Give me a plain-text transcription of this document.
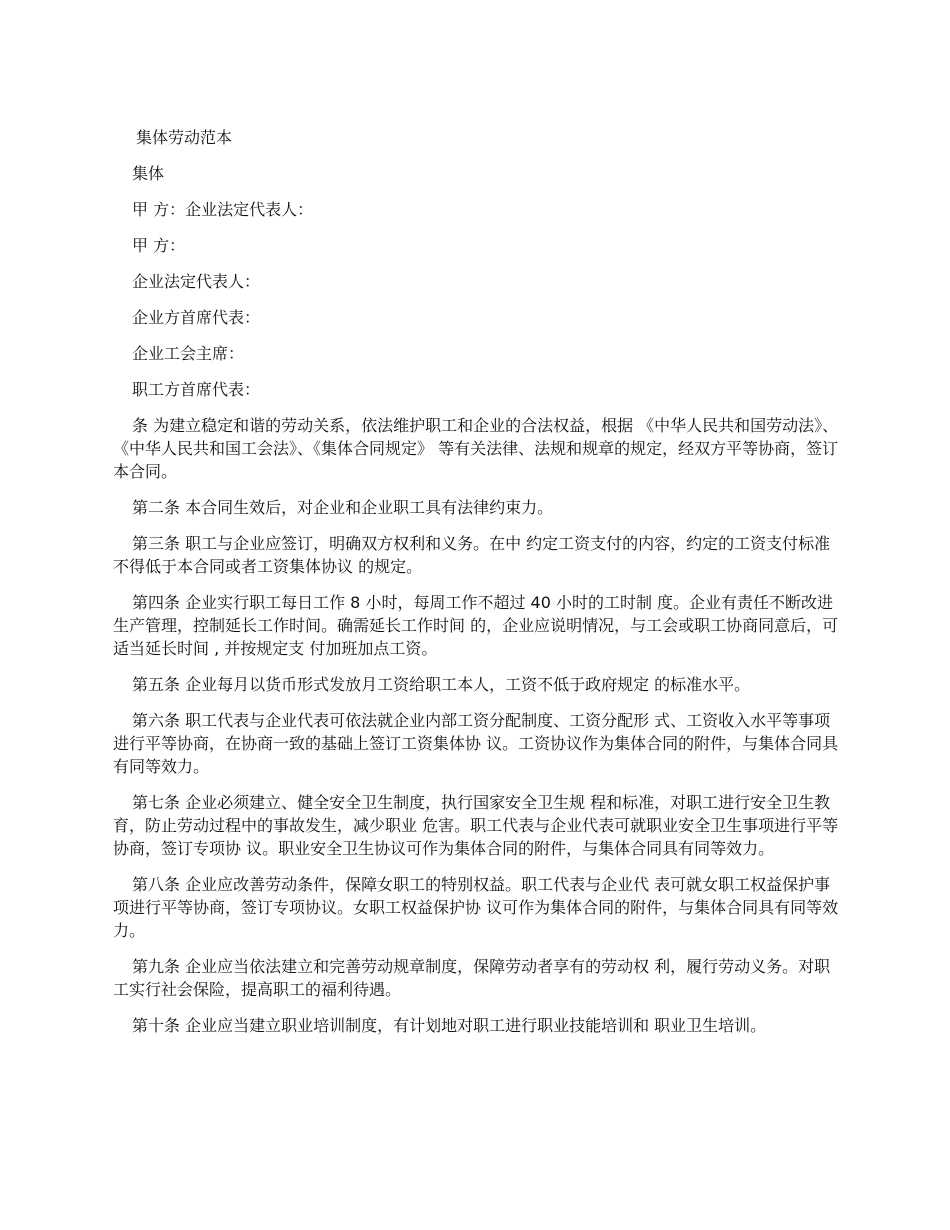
集体劳动范本

集体

甲 方：企业法定代表人：

甲 方：

企业法定代表人：

企业方首席代表：

企业工会主席：

职工方首席代表：

条 为建立稳定和谐的劳动关系，依法维护职工和企业的合法权益，根据 《中华人民共和国劳动法》、《中华人民共和国工会法》、《集体合同规定》 等有关法律、法规和规章的规定，经双方平等协商，签订本合同。

第二条 本合同生效后，对企业和企业职工具有法律约束力。

第三条 职工与企业应签订，明确双方权利和义务。在中 约定工资支付的内容，约定的工资支付标准不得低于本合同或者工资集体协议 的规定。

第四条 企业实行职工每日工作 8 小时，每周工作不超过 40 小时的工时制 度。企业有责任不断改进生产管理，控制延长工作时间。确需延长工作时间 的，企业应说明情况，与工会或职工协商同意后，可适当延长时间 , 并按规定支 付加班加点工资。

第五条 企业每月以货币形式发放月工资给职工本人，工资不低于政府规定 的标准水平。

第六条 职工代表与企业代表可依法就企业内部工资分配制度、工资分配形 式、工资收入水平等事项进行平等协商，在协商一致的基础上签订工资集体协 议。工资协议作为集体合同的附件，与集体合同具有同等效力。

第七条 企业必须建立、健全安全卫生制度，执行国家安全卫生规 程和标准，对职工进行安全卫生教育，防止劳动过程中的事故发生，减少职业 危害。职工代表与企业代表可就职业安全卫生事项进行平等协商，签订专项协 议。职业安全卫生协议可作为集体合同的附件，与集体合同具有同等效力。

第八条 企业应改善劳动条件，保障女职工的特别权益。职工代表与企业代 表可就女职工权益保护事项进行平等协商，签订专项协议。女职工权益保护协 议可作为集体合同的附件，与集体合同具有同等效力。

第九条 企业应当依法建立和完善劳动规章制度，保障劳动者享有的劳动权 利，履行劳动义务。对职工实行社会保险，提高职工的福利待遇。

第十条 企业应当建立职业培训制度，有计划地对职工进行职业技能培训和 职业卫生培训。
